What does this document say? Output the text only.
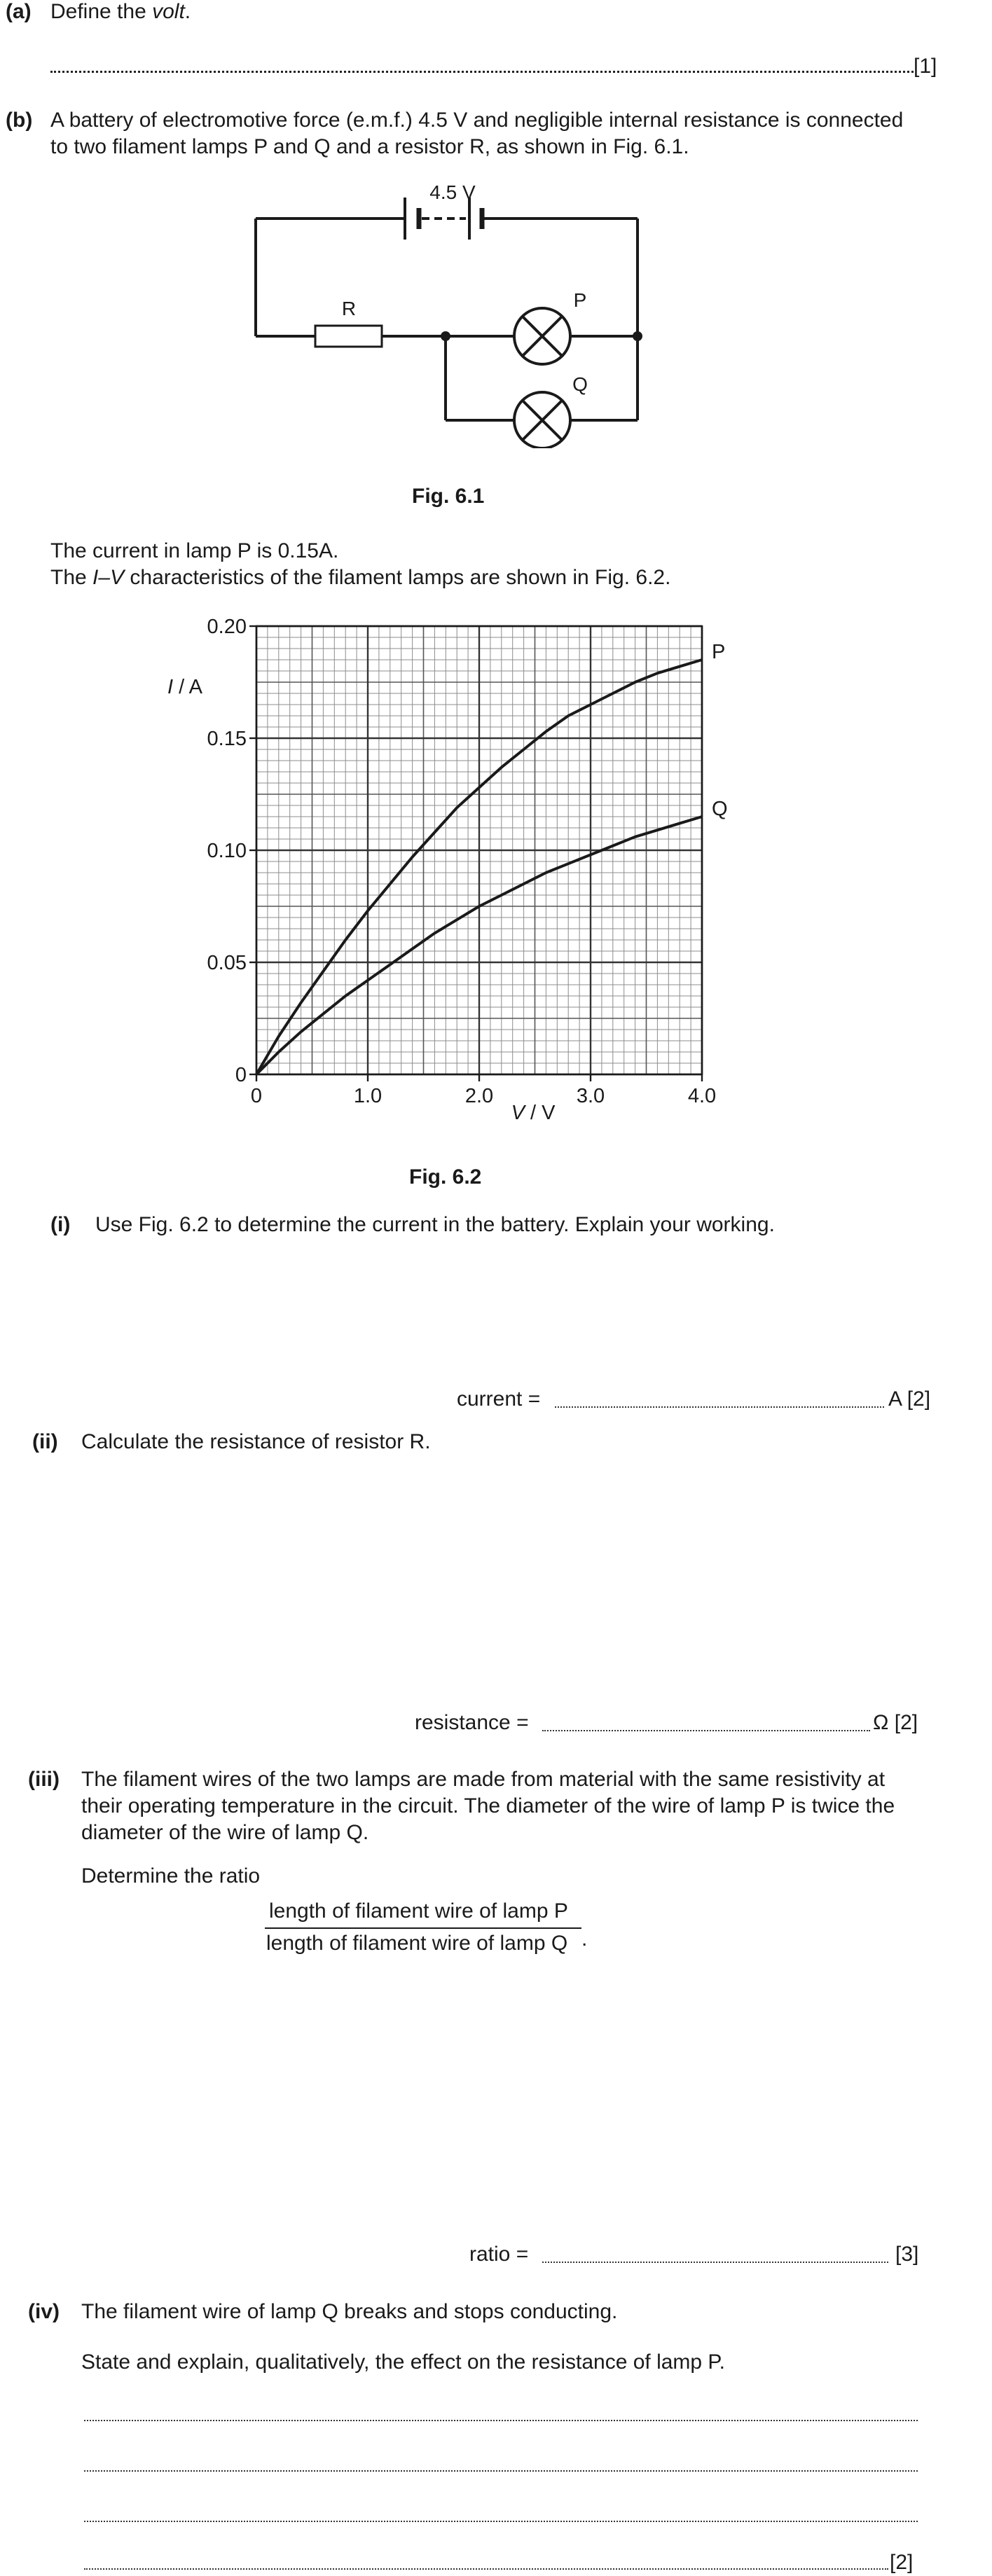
(a) Define the volt.
[1]
(b) A battery of electromotive force (e.m.f.) 4.5 V and negligible internal resistance is connected
to two filament lamps P and Q and a resistor R, as shown in Fig. 6.1.
4.5 V
R	P
Q
Fig. 6.1
The current in lamp P is 0.15A.
The I–V characteristics of the filament lamps are shown in Fig. 6.2.
0
0.05
0.10
0.15
0.20
0	1.0	2.0	3.0	4.0
P
Q
I / A
V / V
Fig. 6.2
(i) Use Fig. 6.2 to determine the current in the battery. Explain your working.
current =	A [2]
(ii) Calculate the resistance of resistor R.
resistance =	Ω [2]
(iii) The filament wires of the two lamps are made from material with the same resistivity at
their operating temperature in the circuit. The diameter of the wire of lamp P is twice the
diameter of the wire of lamp Q.
Determine the ratio
length of filament wire of lamp P
length of filament wire of lamp Q .
ratio =	[3]
(iv) The filament wire of lamp Q breaks and stops conducting.
State and explain, qualitatively, the effect on the resistance of lamp P.
[2]
